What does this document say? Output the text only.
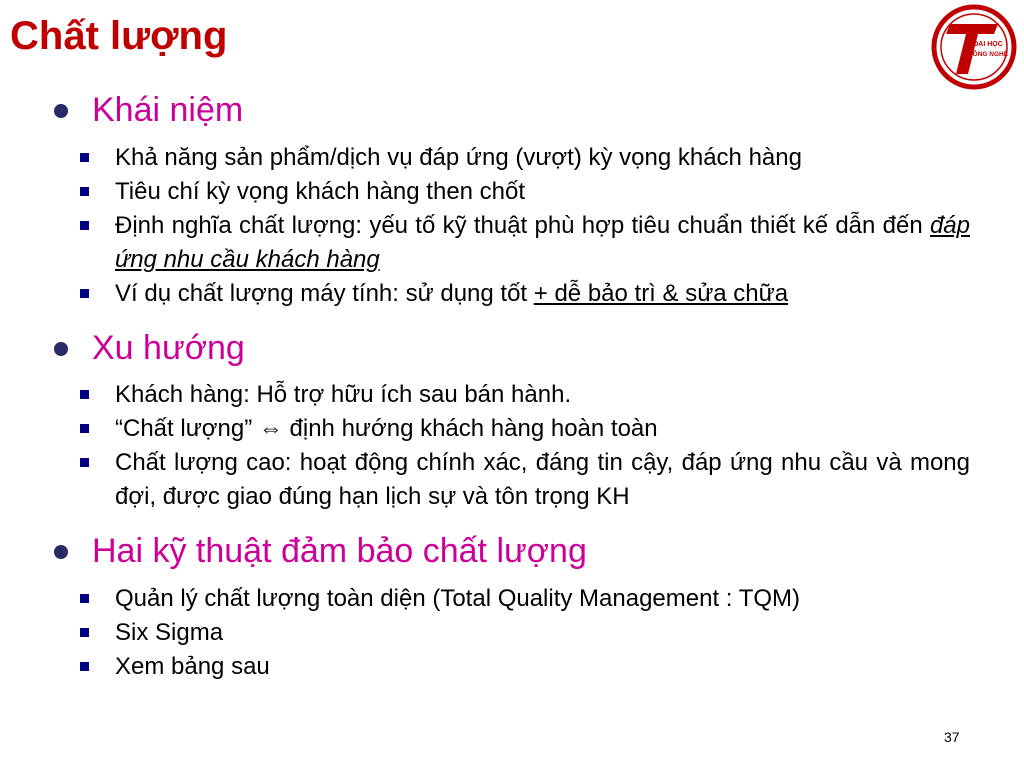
Chất lượng	ĐẠI HỌC
CÔNG NGHỆ
Khái niệm
Khả năng sản phẩm/dịch vụ đáp ứng (vượt) kỳ vọng khách hàng
Tiêu chí kỳ vọng khách hàng then chốt
Định nghĩa chất lượng: yếu tố kỹ thuật phù hợp tiêu chuẩn thiết kế dẫn đến đáp ứng nhu cầu khách hàng
Ví dụ chất lượng máy tính: sử dụng tốt + dễ bảo trì & sửa chữa
Xu hướng
Khách hàng: Hỗ trợ hữu ích sau bán hành.
“Chất lượng” ⇔ định hướng khách hàng hoàn toàn
Chất lượng cao: hoạt động chính xác, đáng tin cậy, đáp ứng nhu cầu và mong đợi, được giao đúng hạn lịch sự và tôn trọng KH
Hai kỹ thuật đảm bảo chất lượng
Quản lý chất lượng toàn diện (Total Quality Management : TQM)
Six Sigma
Xem bảng sau
37
